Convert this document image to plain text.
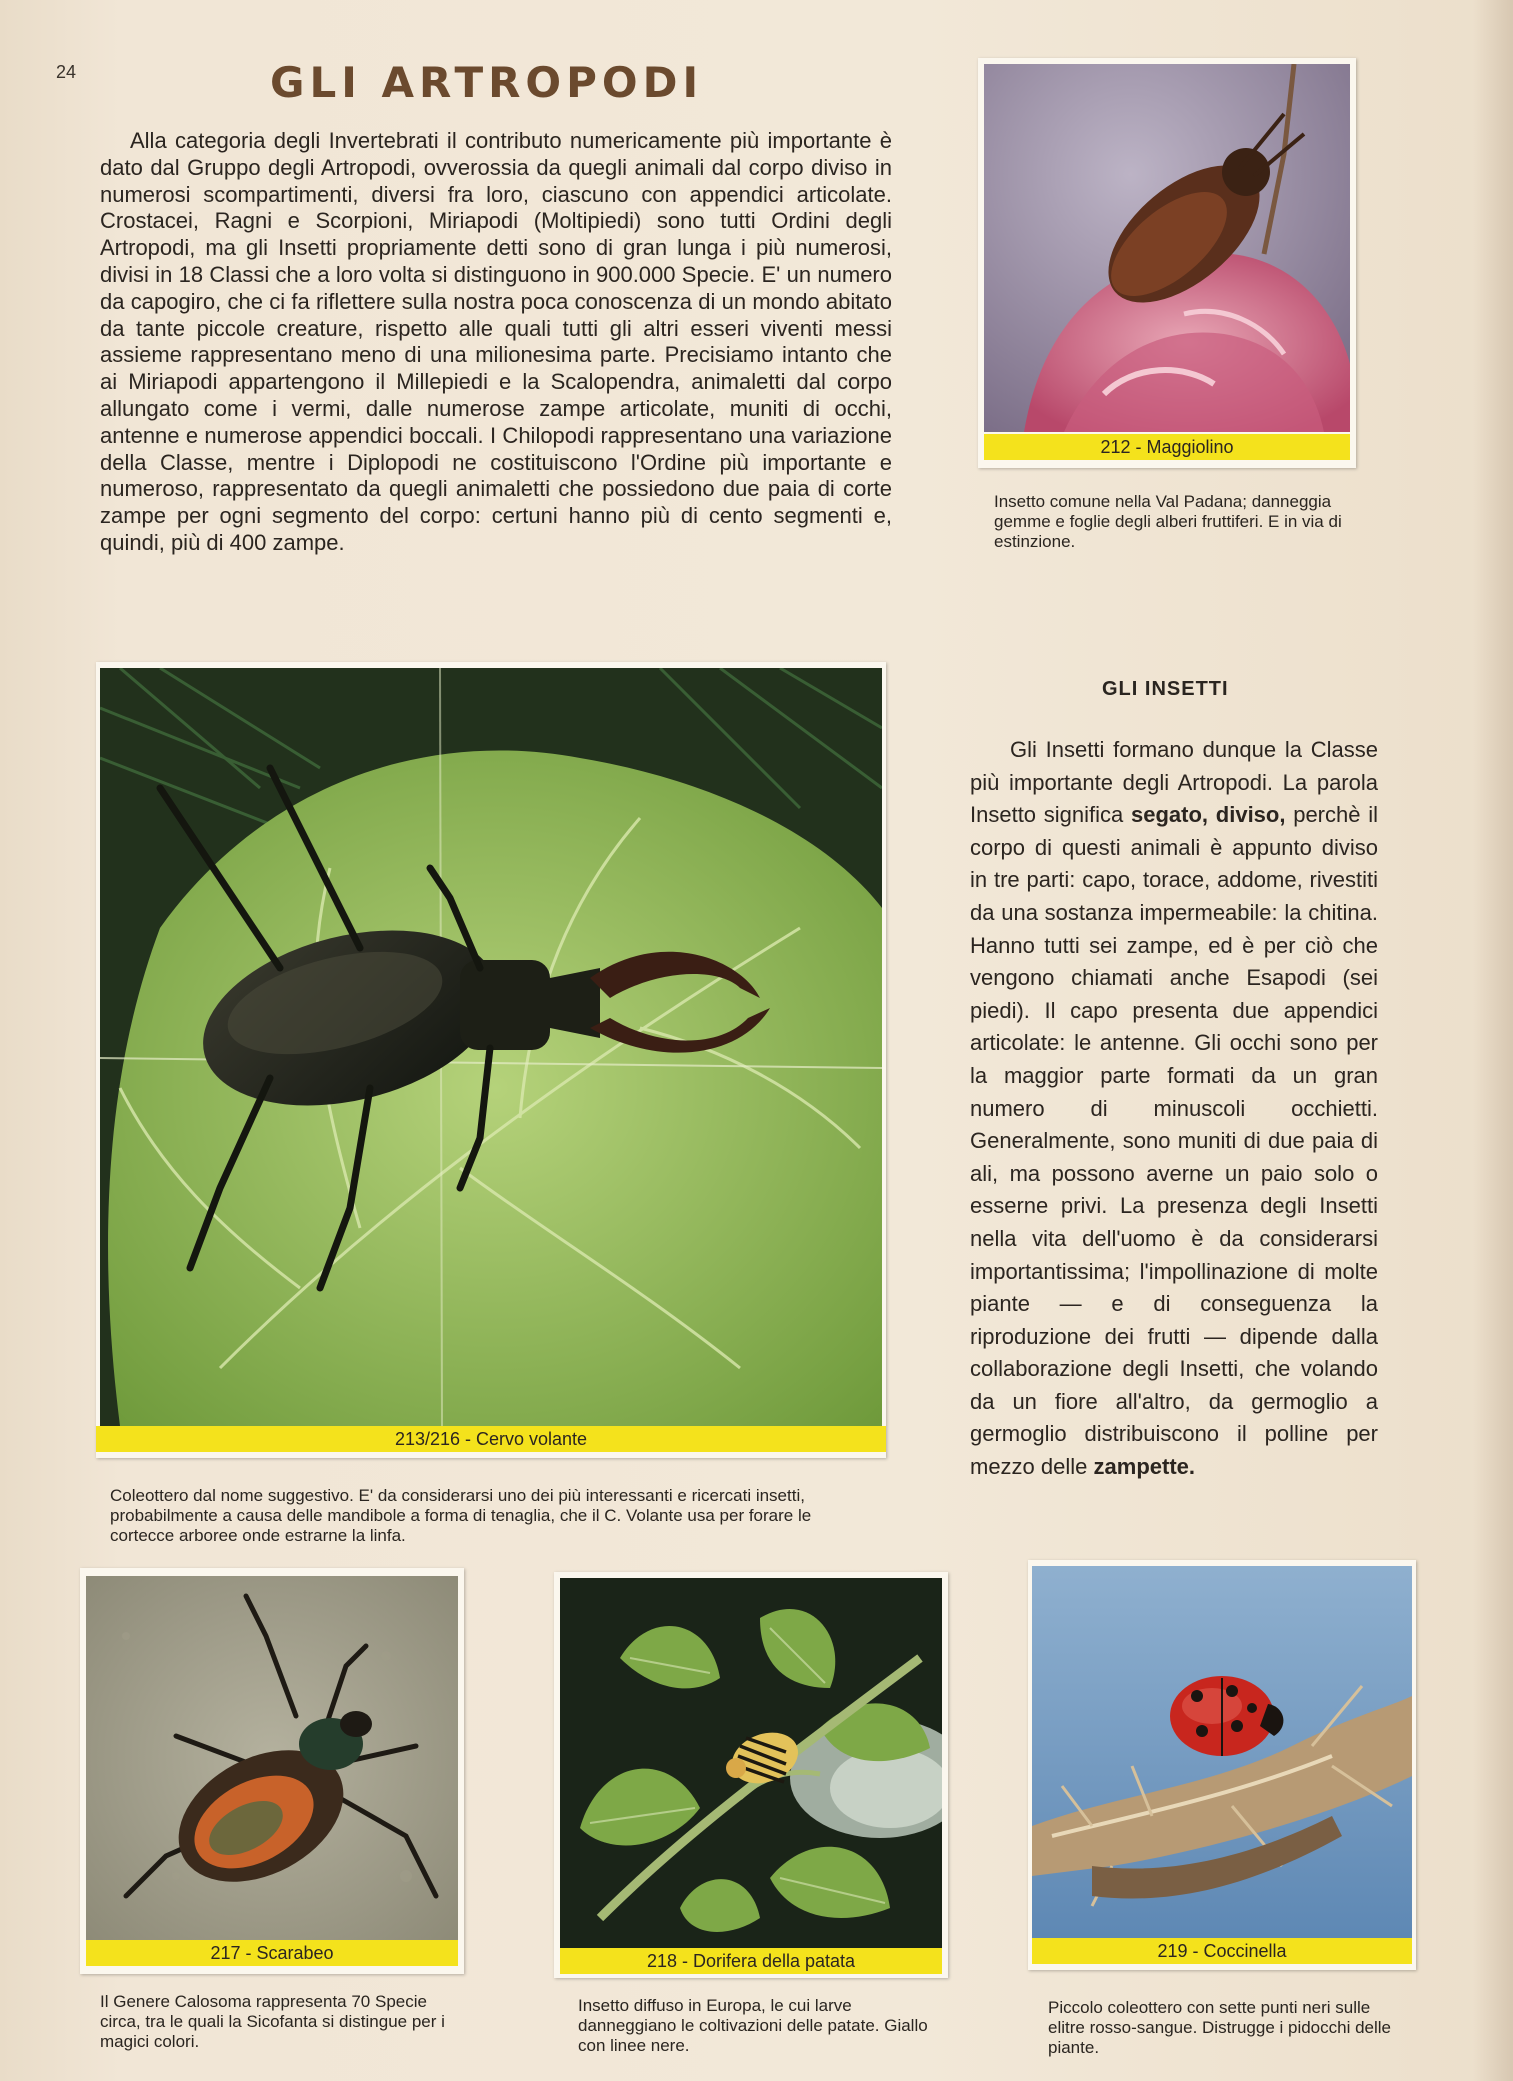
24	GLI ARTROPODI
Alla categoria degli Invertebrati il contributo numericamente più importante è dato dal Gruppo degli Artropodi, ovverossia da quegli animali dal corpo diviso in numerosi scompartimenti, diversi fra loro, ciascuno con appendici articolate. Crostacei, Ragni e Scorpioni, Miriapodi (Moltipiedi) sono tutti Ordini degli Artropodi, ma gli Insetti propriamente detti sono di gran lunga i più numerosi, divisi in 18 Classi che a loro volta si distinguono in 900.000 Specie. E' un numero da capogiro, che ci fa riflettere sulla nostra poca conoscenza di un mondo abitato da tante piccole creature, rispetto alle quali tutti gli altri esseri viventi messi assieme rappresentano meno di una milionesima parte. Precisiamo intanto che ai Miriapodi appartengono il Millepiedi e la Scalopendra, animaletti dal corpo allungato come i vermi, dalle numerose zampe articolate, muniti di occhi, antenne e numerose appendici boccali. I Chilopodi rappresentano una variazione della Classe, mentre i Diplopodi ne costituiscono l'Ordine più importante e numeroso, rappresentato da quegli animaletti che possiedono due paia di corte zampe per ogni segmento del corpo: certuni hanno più di cento segmenti e, quindi, più di 400 zampe.
212 - Maggiolino
Insetto comune nella Val Padana; danneggia gemme e foglie degli alberi fruttiferi. E in via di estinzione.
213/216 - Cervo volante
Coleottero dal nome suggestivo. E' da considerarsi uno dei più interessanti e ricercati insetti, probabilmente a causa delle mandibole a forma di tenaglia, che il C. Volante usa per forare le cortecce arboree onde estrarne la linfa.
217 - Scarabeo
Il Genere Calosoma rappresenta 70 Specie circa, tra le quali la Sicofanta si distingue per i magici colori.
218 - Dorifera della patata
Insetto diffuso in Europa, le cui larve danneggiano le coltivazioni delle patate. Giallo con linee nere.
219 - Coccinella
Piccolo coleottero con sette punti neri sulle elitre rosso-sangue. Distrugge i pidocchi delle piante.
GLI INSETTI
Gli Insetti formano dunque la Classe più importante degli Artropodi. La parola Insetto significa segato, diviso, perchè il corpo di questi animali è appunto diviso in tre parti: capo, torace, addome, rivestiti da una sostanza impermeabile: la chitina. Hanno tutti sei zampe, ed è per ciò che vengono chiamati anche Esapodi (sei piedi). Il capo presenta due appendici articolate: le antenne. Gli occhi sono per la maggior parte formati da un gran numero di minuscoli occhietti. Generalmente, sono muniti di due paia di ali, ma possono averne un paio solo o esserne privi. La presenza degli Insetti nella vita dell'uomo è da considerarsi importantissima; l'impollinazione di molte piante — e di conseguenza la riproduzione dei frutti — dipende dalla collaborazione degli Insetti, che volando da un fiore all'altro, da germoglio a germoglio distribuiscono il polline per mezzo delle zampette.
